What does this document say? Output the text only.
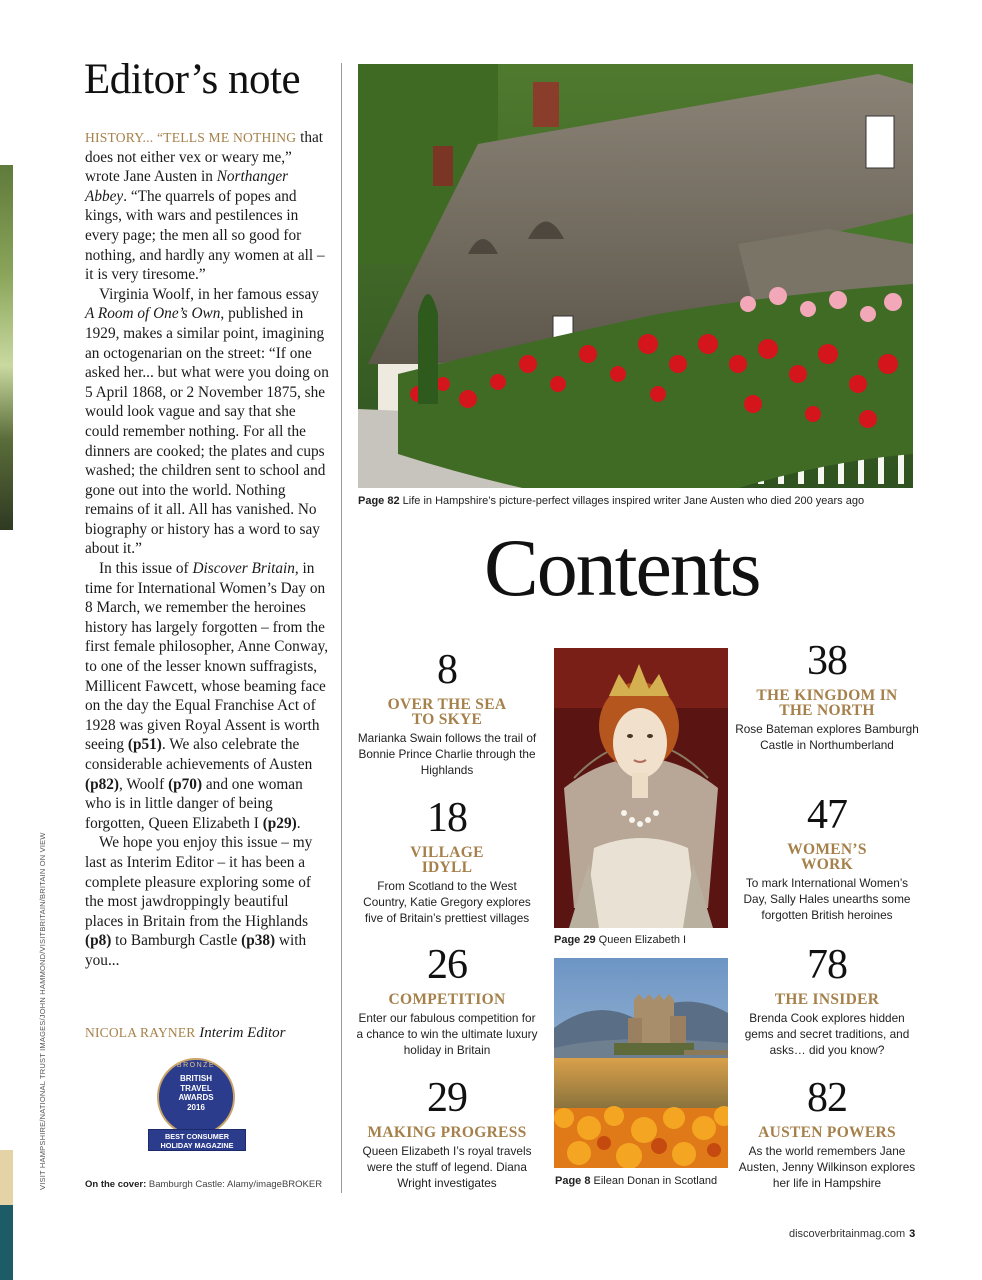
VISIT HAMPSHIRE/NATIONAL TRUST IMAGES/JOHN HAMMOND/VISITBRITAIN/BRITAIN ON VIEW
Editor’s note

HISTORY... “TELLS ME NOTHING that does not either vex or weary me,” wrote Jane Austen in Northanger Abbey. “The quarrels of popes and kings, with wars and pestilences in every page; the men all so good for nothing, and hardly any women at all – it is very tiresome.”

Virginia Woolf, in her famous essay A Room of One’s Own, published in 1929, makes a similar point, imagining an octogenarian on the street: “If one asked her... but what were you doing on 5 April 1868, or 2 November 1875, she would look vague and say that she could remember nothing. For all the dinners are cooked; the plates and cups washed; the children sent to school and gone out into the world. Nothing remains of it all. All has vanished. No biography or history has a word to say about it.”

In this issue of Discover Britain, in time for International Women’s Day on 8 March, we remember the heroines history has largely forgotten – from the first female philosopher, Anne Conway, to one of the lesser known suffragists, Millicent Fawcett, whose beaming face on the day the Equal Franchise Act of 1928 was given Royal Assent is worth seeing (p51). We also celebrate the considerable achievements of Austen (p82), Woolf (p70) and one woman who is in little danger of being forgotten, Queen Elizabeth I (p29).

We hope you enjoy this issue – my last as Interim Editor – it has been a complete pleasure exploring some of the most jawdroppingly beautiful places in Britain from the Highlands (p8) to Bamburgh Castle (p38) with you...

NICOLA RAYNER Interim Editor
BRONZE
BRITISH
TRAVEL
AWARDS
2016
BEST CONSUMER
HOLIDAY MAGAZINE
On the cover: Bamburgh Castle: Alamy/imageBROKER
Page 82 Life in Hampshire’s picture-perfect villages inspired writer Jane Austen who died 200 years ago
Contents
8
OVER THE SEA
TO SKYE
Marianka Swain follows the trail of Bonnie Prince Charlie through the Highlands
18
VILLAGE
IDYLL
From Scotland to the West Country, Katie Gregory explores five of Britain’s prettiest villages
26
COMPETITION
Enter our fabulous competition for a chance to win the ultimate luxury holiday in Britain
29
MAKING PROGRESS
Queen Elizabeth I’s royal travels were the stuff of legend. Diana Wright investigates
Page 29 Queen Elizabeth I
Page 8 Eilean Donan in Scotland
38
THE KINGDOM IN
THE NORTH
Rose Bateman explores Bamburgh Castle in Northumberland
47
WOMEN’S
WORK
To mark International Women’s Day, Sally Hales unearths some forgotten British heroines
78
THE INSIDER
Brenda Cook explores hidden gems and secret traditions, and asks… did you know?
82
AUSTEN POWERS
As the world remembers Jane Austen, Jenny Wilkinson explores her life in Hampshire
discoverbritainmag.com 3
